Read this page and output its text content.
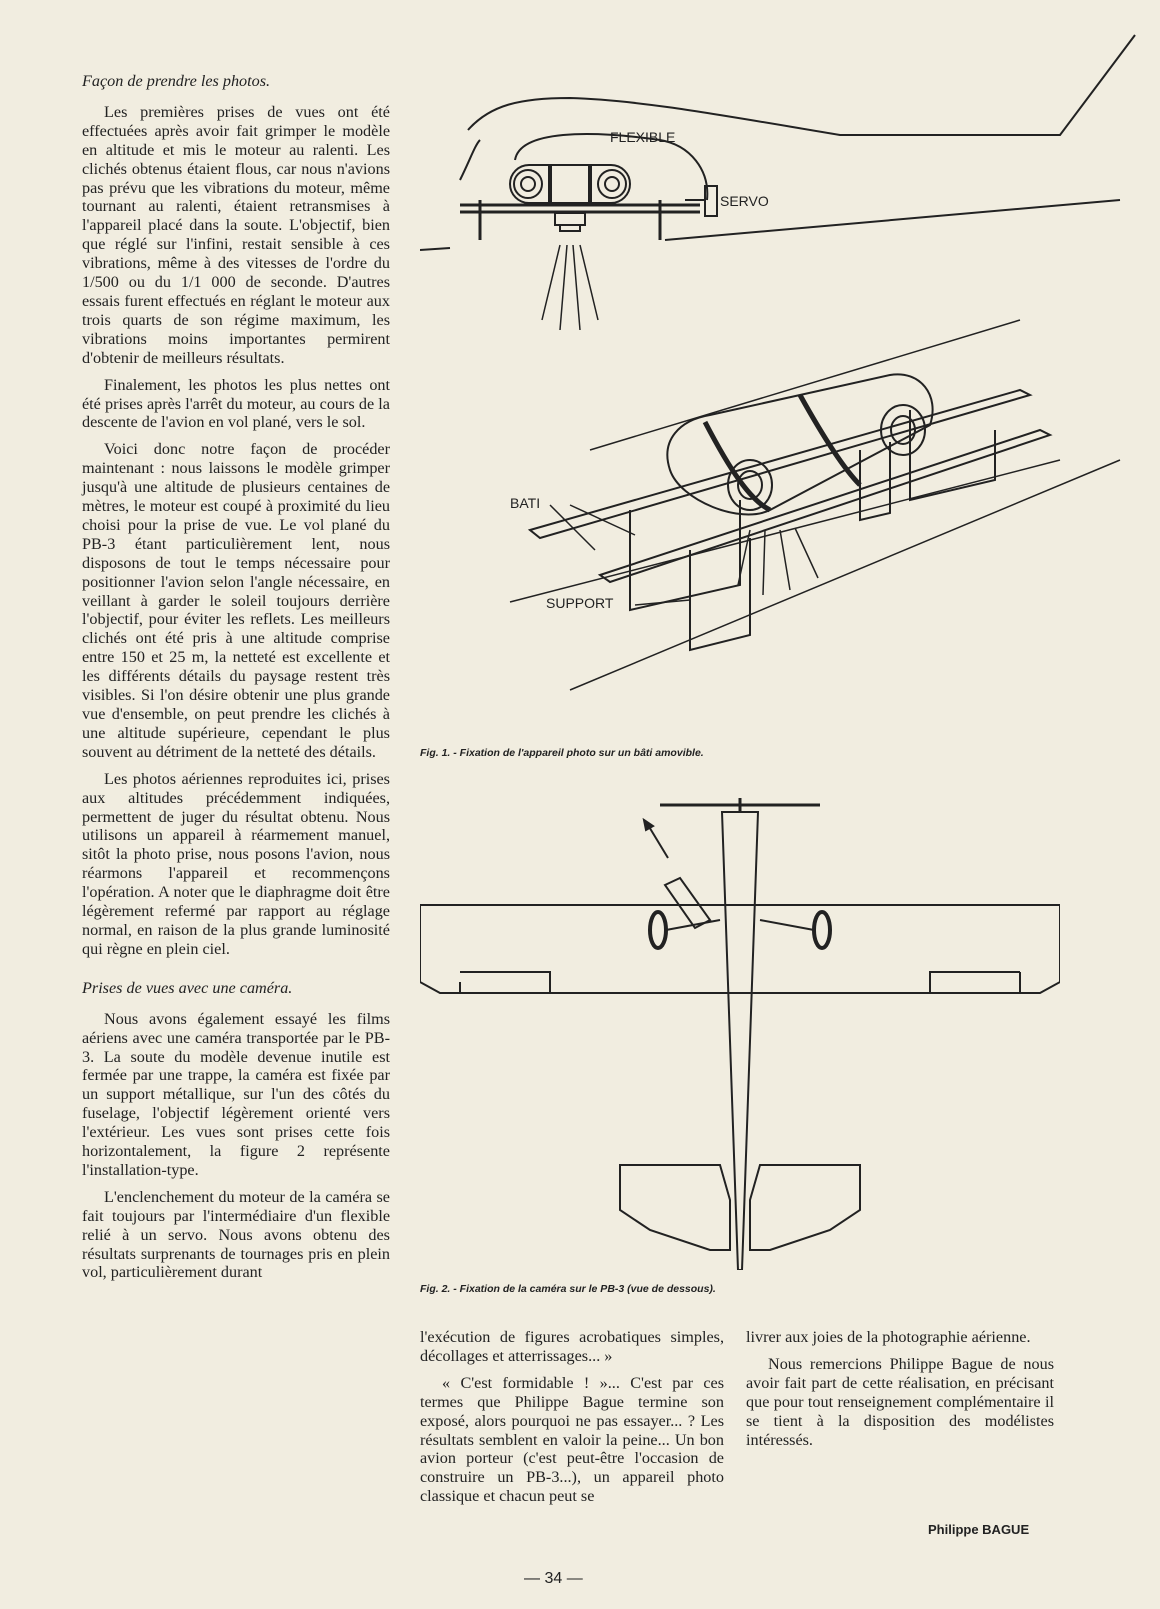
Façon de prendre les photos.

Les premières prises de vues ont été effectuées après avoir fait grimper le modèle en altitude et mis le moteur au ralenti. Les clichés obtenus étaient flous, car nous n'avions pas prévu que les vibrations du moteur, même tournant au ralenti, étaient retransmises à l'appareil placé dans la soute. L'objectif, bien que réglé sur l'infini, restait sensible à ces vibrations, même à des vitesses de l'ordre du 1/500 ou du 1/1 000 de seconde. D'autres essais furent effectués en réglant le moteur aux trois quarts de son régime maximum, les vibrations moins importantes permirent d'obtenir de meilleurs résultats.

Finalement, les photos les plus nettes ont été prises après l'arrêt du moteur, au cours de la descente de l'avion en vol plané, vers le sol.

Voici donc notre façon de procéder maintenant : nous laissons le modèle grimper jusqu'à une altitude de plusieurs centaines de mètres, le moteur est coupé à proximité du lieu choisi pour la prise de vue. Le vol plané du PB-3 étant particulièrement lent, nous disposons de tout le temps nécessaire pour positionner l'avion selon l'angle nécessaire, en veillant à garder le soleil toujours derrière l'objectif, pour éviter les reflets. Les meilleurs clichés ont été pris à une altitude comprise entre 150 et 25 m, la netteté est excellente et les différents détails du paysage restent très visibles. Si l'on désire obtenir une plus grande vue d'ensemble, on peut prendre les clichés à une altitude supérieure, cependant le plus souvent au détriment de la netteté des détails.

Les photos aériennes reproduites ici, prises aux altitudes précédemment indiquées, permettent de juger du résultat obtenu. Nous utilisons un appareil à réarmement manuel, sitôt la photo prise, nous posons l'avion, nous réarmons l'appareil et recommençons l'opération. A noter que le diaphragme doit être légèrement refermé par rapport au réglage normal, en raison de la plus grande luminosité qui règne en plein ciel.

Prises de vues avec une caméra.

Nous avons également essayé les films aériens avec une caméra transportée par le PB-3. La soute du modèle devenue inutile est fermée par une trappe, la caméra est fixée par un support métallique, sur l'un des côtés du fuselage, l'objectif légèrement orienté vers l'extérieur. Les vues sont prises cette fois horizontalement, la figure 2 représente l'installation-type.

L'enclenchement du moteur de la caméra se fait toujours par l'intermédiaire d'un flexible relié à un servo. Nous avons obtenu des résultats surprenants de tournages pris en plein vol, particulièrement durant

l'exécution de figures acrobatiques simples, décollages et atterrissages... »

« C'est formidable ! »... C'est par ces termes que Philippe Bague termine son exposé, alors pourquoi ne pas essayer... ? Les résultats semblent en valoir la peine... Un bon avion porteur (c'est peut-être l'occasion de construire un PB-3...), un appareil photo classique et chacun peut se

livrer aux joies de la photographie aérienne.

Nous remercions Philippe Bague de nous avoir fait part de cette réalisation, en précisant que pour tout renseignement complémentaire il se tient à la disposition des modélistes intéressés.

Philippe BAGUE
FLEXIBLE
SERVO
BATI
SUPPORT
Fig. 1. - Fixation de l'appareil photo sur un bâti amovible.
Fig. 2. - Fixation de la caméra sur le PB-3 (vue de dessous).
— 34 —
